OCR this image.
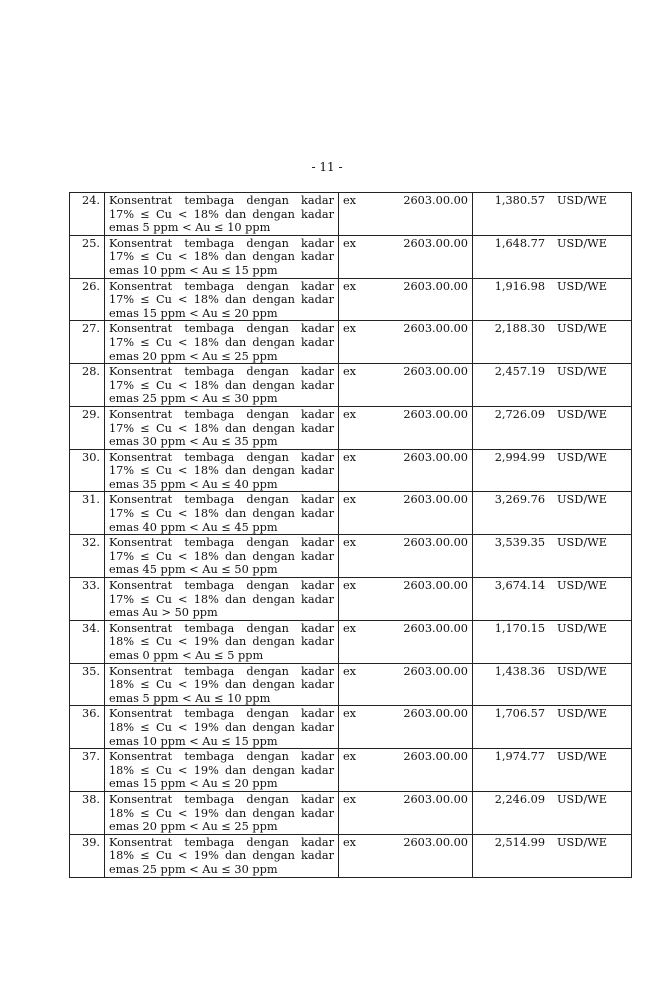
- 11 -
24.	Konsentrat tembaga dengan kadar 17% ≤ Cu < 18% dan dengan kadar emas 5 ppm < Au ≤ 10 ppm	ex 2603.00.00	1,380.57 USD/WE

25.	Konsentrat tembaga dengan kadar 17% ≤ Cu < 18% dan dengan kadar emas 10 ppm < Au ≤ 15 ppm	ex 2603.00.00	1,648.77 USD/WE

26.	Konsentrat tembaga dengan kadar 17% ≤ Cu < 18% dan dengan kadar emas 15 ppm < Au ≤ 20 ppm	ex 2603.00.00	1,916.98 USD/WE

27.	Konsentrat tembaga dengan kadar 17% ≤ Cu < 18% dan dengan kadar emas 20 ppm < Au ≤ 25 ppm	ex 2603.00.00	2,188.30 USD/WE

28.	Konsentrat tembaga dengan kadar 17% ≤ Cu < 18% dan dengan kadar emas 25 ppm < Au ≤ 30 ppm	ex 2603.00.00	2,457.19 USD/WE

29.	Konsentrat tembaga dengan kadar 17% ≤ Cu < 18% dan dengan kadar emas 30 ppm < Au ≤ 35 ppm	ex 2603.00.00	2,726.09 USD/WE

30.	Konsentrat tembaga dengan kadar 17% ≤ Cu < 18% dan dengan kadar emas 35 ppm < Au ≤ 40 ppm	ex 2603.00.00	2,994.99 USD/WE

31.	Konsentrat tembaga dengan kadar 17% ≤ Cu < 18% dan dengan kadar emas 40 ppm < Au ≤ 45 ppm	ex 2603.00.00	3,269.76 USD/WE

32.	Konsentrat tembaga dengan kadar 17% ≤ Cu < 18% dan dengan kadar emas 45 ppm < Au ≤ 50 ppm	ex 2603.00.00	3,539.35 USD/WE

33.	Konsentrat tembaga dengan kadar 17% ≤ Cu < 18% dan dengan kadar emas Au > 50 ppm	ex 2603.00.00	3,674.14 USD/WE

34.	Konsentrat tembaga dengan kadar 18% ≤ Cu < 19% dan dengan kadar emas 0 ppm < Au ≤ 5 ppm	ex 2603.00.00	1,170.15 USD/WE

35.	Konsentrat tembaga dengan kadar 18% ≤ Cu < 19% dan dengan kadar emas 5 ppm < Au ≤ 10 ppm	ex 2603.00.00	1,438.36 USD/WE

36.	Konsentrat tembaga dengan kadar 18% ≤ Cu < 19% dan dengan kadar emas 10 ppm < Au ≤ 15 ppm	ex 2603.00.00	1,706.57 USD/WE

37.	Konsentrat tembaga dengan kadar 18% ≤ Cu < 19% dan dengan kadar emas 15 ppm < Au ≤ 20 ppm	ex 2603.00.00	1,974.77 USD/WE

38.	Konsentrat tembaga dengan kadar 18% ≤ Cu < 19% dan dengan kadar emas 20 ppm < Au ≤ 25 ppm	ex 2603.00.00	2,246.09 USD/WE

39.	Konsentrat tembaga dengan kadar 18% ≤ Cu < 19% dan dengan kadar emas 25 ppm < Au ≤ 30 ppm	ex 2603.00.00	2,514.99 USD/WE
